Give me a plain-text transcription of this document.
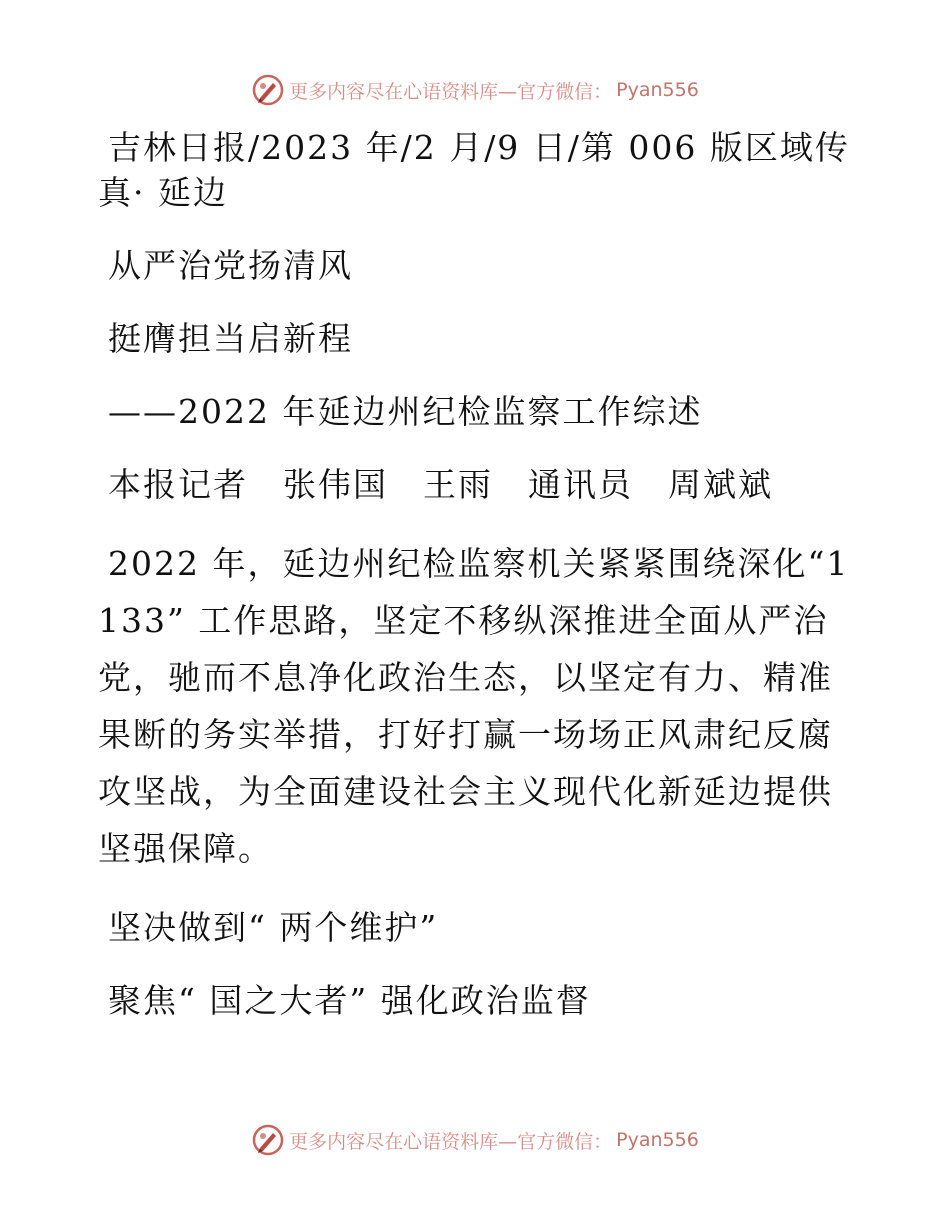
更多内容尽在心语资料库—官方微信： Pyan556

吉林日报/2023 年/2 月/9 日/第 006 版区域传真· 延边

从严治党扬清风

挺膺担当启新程

——2022 年延边州纪检监察工作综述

本报记者　张伟国　王雨　通讯员　周斌斌

2022 年，延边州纪检监察机关紧紧围绕深化“1133” 工作思路，坚定不移纵深推进全面从严治党，驰而不息净化政治生态，以坚定有力、精准果断的务实举措，打好打赢一场场正风肃纪反腐攻坚战，为全面建设社会主义现代化新延边提供坚强保障。

坚决做到“ 两个维护”

聚焦“ 国之大者” 强化政治监督

更多内容尽在心语资料库—官方微信： Pyan556
